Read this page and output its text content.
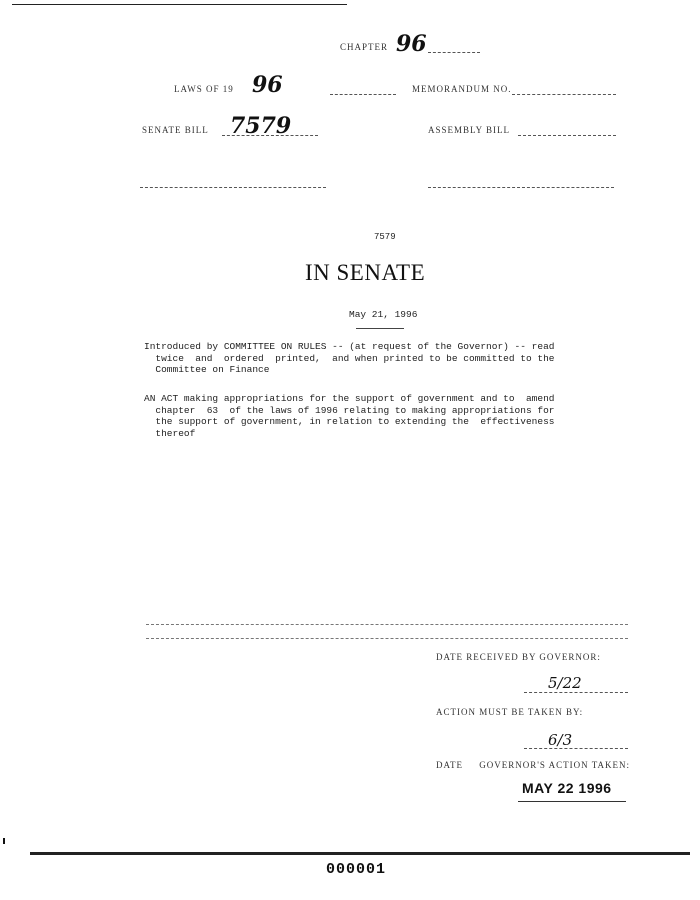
CHAPTER 96
LAWS OF 19 96	MEMORANDUM NO.
SENATE BILL 7579	ASSEMBLY BILL
7579
IN SENATE
May 21, 1996
Introduced by COMMITTEE ON RULES -- (at request of the Governor) -- read
twice  and  ordered  printed,  and when printed to be committed to the
Committee on Finance
AN ACT making appropriations for the support of government and to  amend
chapter  63  of the laws of 1996 relating to making appropriations for
the support of government, in relation to extending the  effectiveness
thereof
DATE RECEIVED BY GOVERNOR:
5/22
ACTION MUST BE TAKEN BY:
6/3
DATE     GOVERNOR'S ACTION TAKEN:
MAY 22 1996
000001
